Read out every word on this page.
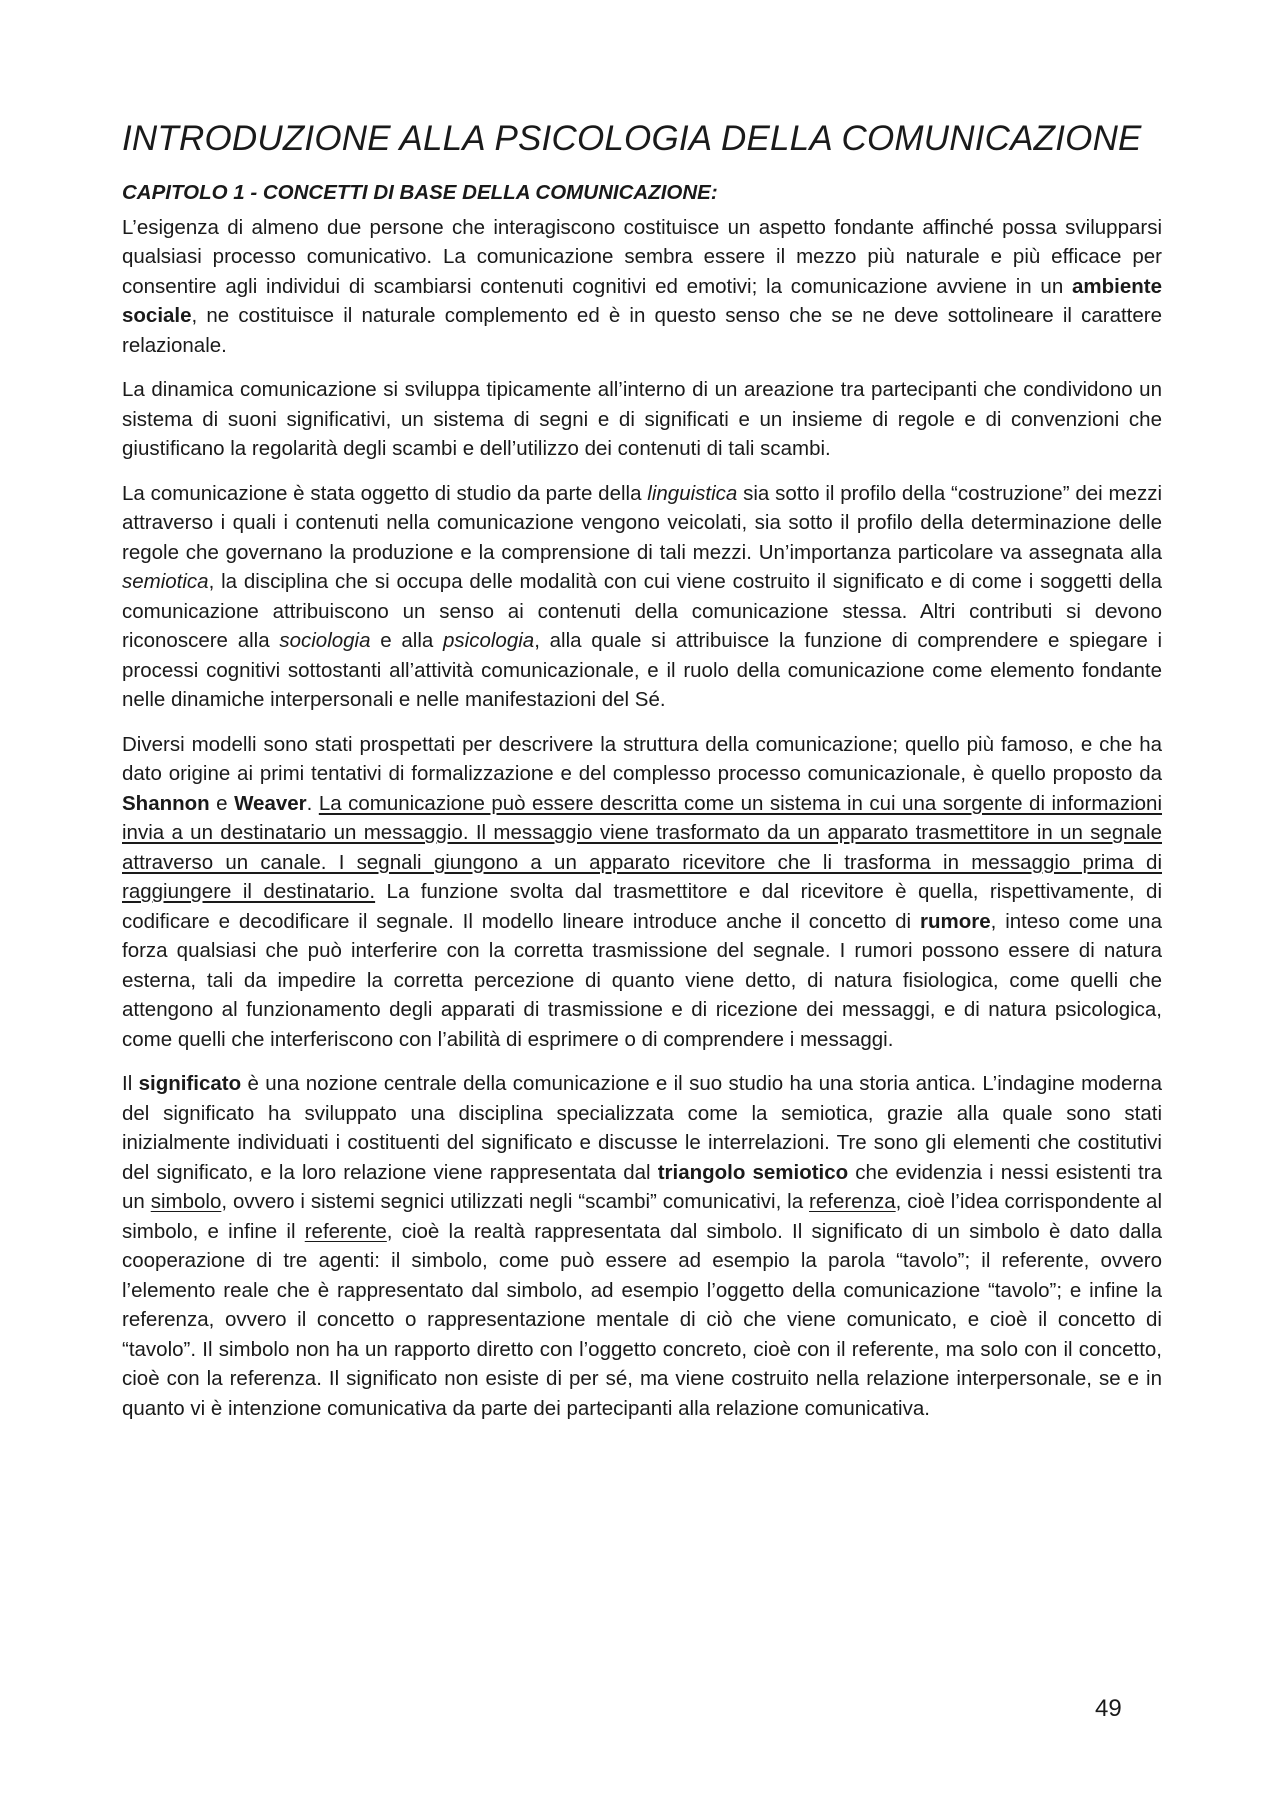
INTRODUZIONE ALLA PSICOLOGIA DELLA COMUNICAZIONE
CAPITOLO 1 - CONCETTI DI BASE DELLA COMUNICAZIONE:

L’esigenza di almeno due persone che interagiscono costituisce un aspetto fondante affinché possa svilupparsi qualsiasi processo comunicativo. La comunicazione sembra essere il mezzo più naturale e più efficace per consentire agli individui di scambiarsi contenuti cognitivi ed emotivi; la comunicazione avviene in un ambiente sociale, ne costituisce il naturale complemento ed è in questo senso che se ne deve sottolineare il carattere relazionale.

La dinamica comunicazione si sviluppa tipicamente all’interno di un areazione tra partecipanti che condividono un sistema di suoni significativi, un sistema di segni e di significati e un insieme di regole e di convenzioni che giustificano la regolarità degli scambi e dell’utilizzo dei contenuti di tali scambi.

La comunicazione è stata oggetto di studio da parte della linguistica sia sotto il profilo della “costruzione” dei mezzi attraverso i quali i contenuti nella comunicazione vengono veicolati, sia sotto il profilo della determinazione delle regole che governano la produzione e la comprensione di tali mezzi. Un’importanza particolare va assegnata alla semiotica, la disciplina che si occupa delle modalità con cui viene costruito il significato e di come i soggetti della comunicazione attribuiscono un senso ai contenuti della comunicazione stessa. Altri contributi si devono riconoscere alla sociologia e alla psicologia, alla quale si attribuisce la funzione di comprendere e spiegare i processi cognitivi sottostanti all’attività comunicazionale, e il ruolo della comunicazione come elemento fondante nelle dinamiche interpersonali e nelle manifestazioni del Sé.

Diversi modelli sono stati prospettati per descrivere la struttura della comunicazione; quello più famoso, e che ha dato origine ai primi tentativi di formalizzazione e del complesso processo comunicazionale, è quello proposto da Shannon e Weaver. La comunicazione può essere descritta come un sistema in cui una sorgente di informazioni invia a un destinatario un messaggio. Il messaggio viene trasformato da un apparato trasmettitore in un segnale attraverso un canale. I segnali giungono a un apparato ricevitore che li trasforma in messaggio prima di raggiungere il destinatario. La funzione svolta dal trasmettitore e dal ricevitore è quella, rispettivamente, di codificare e decodificare il segnale. Il modello lineare introduce anche il concetto di rumore, inteso come una forza qualsiasi che può interferire con la corretta trasmissione del segnale. I rumori possono essere di natura esterna, tali da impedire la corretta percezione di quanto viene detto, di natura fisiologica, come quelli che attengono al funzionamento degli apparati di trasmissione e di ricezione dei messaggi, e di natura psicologica, come quelli che interferiscono con l’abilità di esprimere o di comprendere i messaggi.

Il significato è una nozione centrale della comunicazione e il suo studio ha una storia antica. L’indagine moderna del significato ha sviluppato una disciplina specializzata come la semiotica, grazie alla quale sono stati inizialmente individuati i costituenti del significato e discusse le interrelazioni. Tre sono gli elementi che costitutivi del significato, e la loro relazione viene rappresentata dal triangolo semiotico che evidenzia i nessi esistenti tra un simbolo, ovvero i sistemi segnici utilizzati negli “scambi” comunicativi, la referenza, cioè l’idea corrispondente al simbolo, e infine il referente, cioè la realtà rappresentata dal simbolo. Il significato di un simbolo è dato dalla cooperazione di tre agenti: il simbolo, come può essere ad esempio la parola “tavolo”; il referente, ovvero l’elemento reale che è rappresentato dal simbolo, ad esempio l’oggetto della comunicazione “tavolo”; e infine la referenza, ovvero il concetto o rappresentazione mentale di ciò che viene comunicato, e cioè il concetto di “tavolo”. Il simbolo non ha un rapporto diretto con l’oggetto concreto, cioè con il referente, ma solo con il concetto, cioè con la referenza. Il significato non esiste di per sé, ma viene costruito nella relazione interpersonale, se e in quanto vi è intenzione comunicativa da parte dei partecipanti alla relazione comunicativa.

49
